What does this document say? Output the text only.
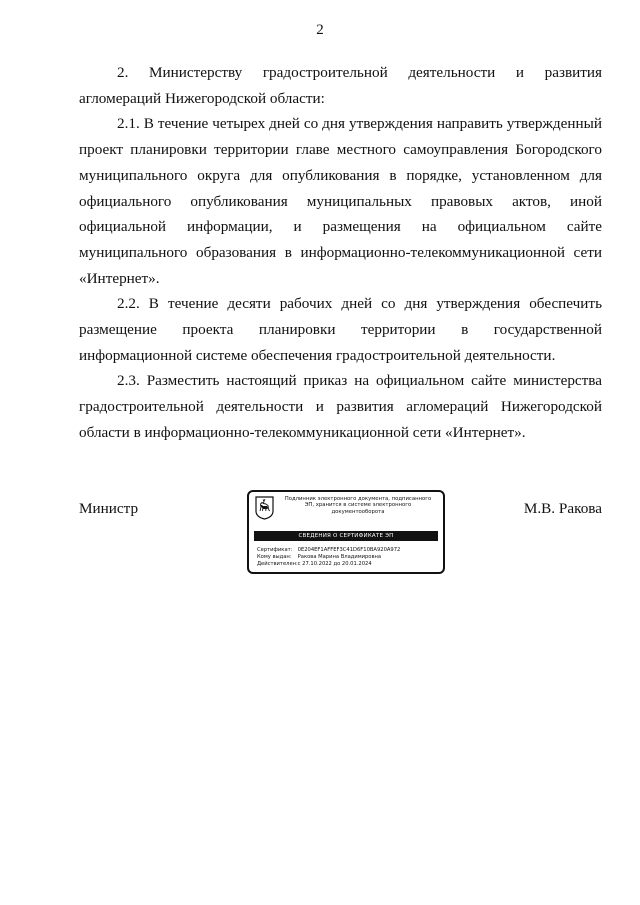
2

2. Министерству градостроительной деятельности и развития агломераций Нижегородской области:

2.1. В течение четырех дней со дня утверждения направить утвержденный проект планировки территории главе местного самоуправления Богородского муниципального округа для опубликования в порядке, установленном для официального опубликования муниципальных правовых актов, иной официальной информации, и размещения на официальном сайте муниципального образования в информационно-телекоммуникационной сети «Интернет».

2.2. В течение десяти рабочих дней со дня утверждения обеспечить размещение проекта планировки территории в государственной информационной системе обеспечения градостроительной деятельности.

2.3. Разместить настоящий приказ на официальном сайте министерства градостроительной деятельности и развития агломераций Нижегородской области в информационно-телекоммуникационной сети «Интернет».

Министр
Подлинник электронного документа, подписанного ЭП, хранится в системе электронного документооборота
СВЕДЕНИЯ О СЕРТИФИКАТЕ ЭП
Сертификат: 0E204EF1AFFEF3C41D6F10BA920A972
Кому выдан: Ракова Марина Владимировна
Действителен: с 27.10.2022 до 20.01.2024
М.В. Ракова
